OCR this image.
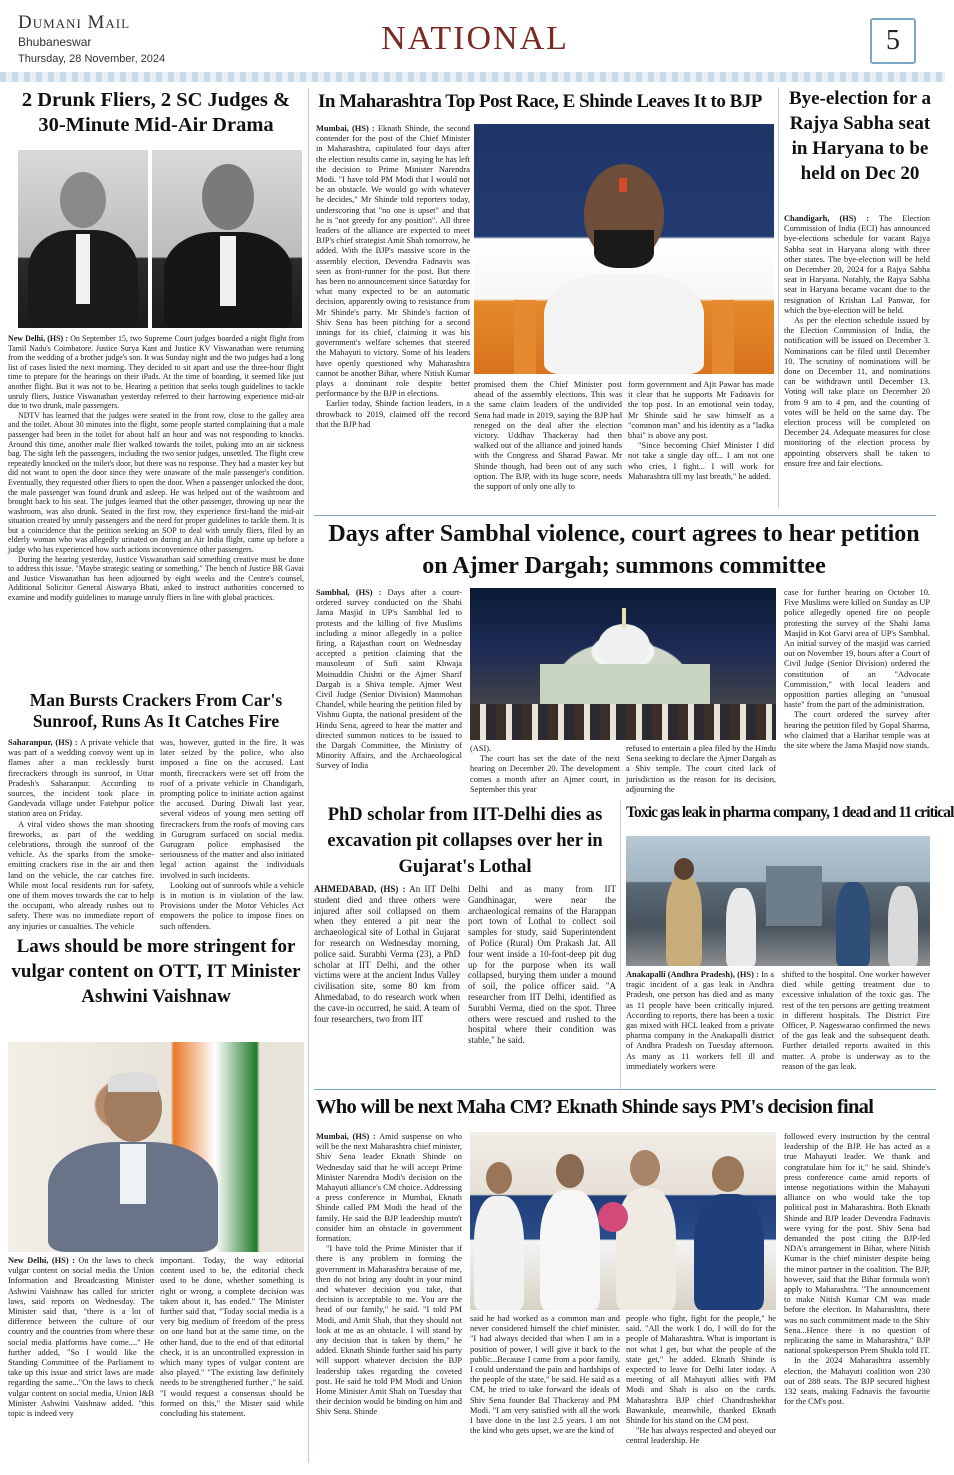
Dumani Mail
Bhubaneswar
Thursday, 28 November, 2024
NATIONAL	5
2 Drunk Fliers, 2 SC Judges & 30-Minute Mid-Air Drama

New Delhi, (HS) : On September 15, two Supreme Court judges boarded a night flight from Tamil Nadu's Coimbatore. Justice Surya Kant and Justice KV Viswanathan were returning from the wedding of a brother judge's son. It was Sunday night and the two judges had a long list of cases listed the next morning. They decided to sit apart and use the three-hour flight time to prepare for the hearings on their iPads. At the time of boarding, it seemed like just another flight. But it was not to be. Hearing a petition that seeks tough guidelines to tackle unruly fliers, Justice Viswanathan yesterday referred to their harrowing experience mid-air due to two drunk, male passengers.

NDTV has learned that the judges were seated in the front row, close to the galley area and the toilet. About 30 minutes into the flight, some people started complaining that a male passenger had been in the toilet for about half an hour and was not responding to knocks. Around this time, another male flier walked towards the toilet, puking into an air sickness bag. The sight left the passengers, including the two senior judges, unsettled. The flight crew repeatedly knocked on the toilet's door, but there was no response. They had a master key but did not want to open the door since they were unaware of the male passenger's condition. Eventually, they requested other fliers to open the door. When a passenger unlocked the door, the male passenger was found drunk and asleep. He was helped out of the washroom and brought back to his seat. The judges learned that the other passenger, throwing up near the washroom, was also drunk. Seated in the first row, they experience first-hand the mid-air situation created by unruly passengers and the need for proper guidelines to tackle them. It is but a coincidence that the petition seeking an SOP to deal with unruly fliers, filed by an elderly woman who was allegedly urinated on during an Air India flight, came up before a judge who has experienced how such actions inconvenience other passengers.

During the hearing yesterday, Justice Viswanathan said something creative must be done to address this issue. "Maybe strategic seating or something." The bench of Justice BR Gavai and Justice Viswanathan has been adjourned by eight weeks and the Centre's counsel, Additional Solicitor General Aiswarya Bhati, asked to instruct authorities concerned to examine and modify guidelines to manage unruly fliers in line with global practices.

Man Bursts Crackers From Car's Sunroof, Runs As It Catches Fire

Saharanpur, (HS) : A private vehicle that was part of a wedding convoy went up in flames after a man recklessly burst firecrackers through its sunroof, in Uttar Pradesh's Saharanpur. According to sources, the incident took place in Gandevada village under Fatehpur police station area on Friday.

A viral video shows the man shooting fireworks, as part of the wedding celebrations, through the sunroof of the vehicle. As the sparks from the smoke-emitting crackers rise in the air and then land on the vehicle, the car catches fire. While most local residents run for safety, one of them moves towards the car to help the occupant, who already rushes out to safety. There was no immediate report of any injuries or casualties. The vehicle

was, however, gutted in the fire. It was later seized by the police, who also imposed a fine on the accused. Last month, firecrackers were set off from the roof of a private vehicle in Chandigarh, prompting police to initiate action against the accused. During Diwali last year, several videos of young men setting off firecrackers from the roofs of moving cars in Gurugram surfaced on social media. Gurugram police emphasised the seriousness of the matter and also initiated legal action against the individuals involved in such incidents.

Looking out of sunroofs while a vehicle is in motion is in violation of the law. Provisions under the Motor Vehicles Act empowers the police to impose fines on such offenders.

Laws should be more stringent for vulgar content on OTT, IT Minister Ashwini Vaishnaw

New Delhi, (HS) : On the laws to check vulgar content on social media the Union Information and Broadcasting Minister Ashwini Vaishnaw has called for stricter laws, said reports on Wednesday. The Minister said that, "there is a lot of difference between the culture of our country and the countries from where these social media platforms have come...." He further added, "So I would like the Standing Committee of the Parliament to take up this issue and strict laws are made regarding the same..."On the laws to check vulgar content on social media, Union I&B Minister Ashwini Vaishnaw added. "this topic is indeed very

important. Today, the way editorial content used to be, the editorial check used to be done, whether something is right or wrong, a complete decision was taken about it, has ended." The Minister further said that, "Today social media is a very big medium of freedom of the press on one hand but at the same time, on the other hand, due to the end of that editorial check, it is an uncontrolled expression in which many types of vulgar content are also played." "The existing law definitely needs to be strengthened further ," he said. "I would request a consensus should be formed on this," the Mister said while concluding his statement.

In Maharashtra Top Post Race, E Shinde Leaves It to BJP

Mumbai, (HS) : Eknath Shinde, the second contender for the post of the Chief Minister in Maharashtra, capitulated four days after the election results came in, saying he has left the decision to Prime Minister Narendra Modi. "I have told PM Modi that I would not be an obstacle. We would go with whatever he decides," Mr Shinde told reporters today, underscoring that "no one is upset" and that he is "not greedy for any position". All three leaders of the alliance are expected to meet BJP's chief strategist Amit Shah tomorrow, he added. With the BJP's massive score in the assembly election, Devendra Fadnavis was seen as front-runner for the post. But there has been no announcement since Saturday for what many expected to be an automatic decision, apparently owing to resistance from Mr Shinde's party. Mr Shinde's faction of Shiv Sena has been pitching for a second innings for its chief, claiming it was his government's welfare schemes that steered the Mahayuti to victory. Some of his leaders have openly questioned why Maharashtra cannot be another Bihar, where Nitish Kumar plays a dominant role despite better performance by the BJP in elections.

Earlier today, Shinde faction leaders, in a throwback to 2019, claimed off the record that the BJP had

promised them the Chief Minister post ahead of the assembly elections. This was the same claim leaders of the undivided Sena had made in 2019, saying the BJP had reneged on the deal after the election victory. Uddhav Thackeray had then walked out of the alliance and joined hands with the Congress and Sharad Pawar. Mr Shinde though, had been out of any such option. The BJP, with its huge score, needs the support of only one ally to

form government and Ajit Pawar has made it clear that he supports Mr Fadnavis for the top post. In an emotional vein today, Mr Shinde said he saw himself as a "common man" and his identity as a "ladka bhai" is above any post.

"Since becoming Chief Minister I did not take a single day off... I am not one who cries, I fight... I will work for Maharashtra till my last breath," he added.

Bye-election for a Rajya Sabha seat in Haryana to be held on Dec 20

Chandigarh, (HS) : The Election Commission of India (ECI) has announced bye-elections schedule for vacant Rajya Sabha seat in Haryana along with three other states. The bye-election will be held on December 20, 2024 for a Rajya Sabha seat in Haryana. Notably, the Rajya Sabha seat in Haryana became vacant due to the resignation of Krishan Lal Panwar, for which the bye-election will be held.

As per the election schedule issued by the Election Commission of India, the notification will be issued on December 3. Nominations can be filed until December 10. The scrutiny of nominations will be done on December 11, and nominations can be withdrawn until December 13. Voting will take place on December 20 from 9 am to 4 pm, and the counting of votes will be held on the same day. The election process will be completed on December 24. Adequate measures for close monitoring of the election process by appointing observers shall be taken to ensure free and fair elections.

Days after Sambhal violence, court agrees to hear petition on Ajmer Dargah; summons committee

Sambhal, (HS) : Days after a court-ordered survey conducted on the Shahi Jama Masjid in UP's Sambhal led to protests and the killing of five Muslims including a minor allegedly in a police firing, a Rajasthan court on Wednesday accepted a petition claiming that the mausoleum of Sufi saint Khwaja Moinuddin Chishti or the Ajmer Sharif Dargah is a Shiva temple. Ajmer West Civil Judge (Senior Division) Manmohan Chandel, while hearing the petition filed by Vishnu Gupta, the national president of the Hindu Sena, agreed to hear the matter and directed summon notices to be issued to the Dargah Committee, the Ministry of Minority Affairs, and the Archaeological Survey of India

(ASI).

The court has set the date of the next hearing on December 20. The development comes a month after an Ajmer court, in September this year

refused to entertain a plea filed by the Hindu Sena seeking to declare the Ajmer Dargah as a Shiv temple. The court cited lack of jurisdiction as the reason for its decision, adjourning the

case for further hearing on October 10. Five Muslims were killed on Sunday as UP police allegedly opened fire on people protesting the survey of the Shahi Jama Masjid in Kot Garvi area of UP's Sambhal. An initial survey of the masjid was carried out on November 19, hours after a Court of Civil Judge (Senior Division) ordered the constitution of an "Advocate Commission," with local leaders and opposition parties alleging an "unusual haste" from the part of the administration.

The court ordered the survey after hearing the petition filed by Gopal Sharma, who claimed that a Harihar temple was at the site where the Jama Masjid now stands.

PhD scholar from IIT-Delhi dies as excavation pit collapses over her in Gujarat's Lothal

AHMEDABAD, (HS) : An IIT Delhi student died and three others were injured after soil collapsed on them when they entered a pit near the archaeological site of Lothal in Gujarat for research on Wednesday morning, police said. Surabhi Verma (23), a PhD scholar at IIT Delhi, and the other victims were at the ancient Indus Valley civilisation site, some 80 km from Ahmedabad, to do research work when the cave-in occurred, he said. A team of four researchers, two from IIT

Delhi and as many from IIT Gandhinagar, were near the archaeological remains of the Harappan port town of Lothal to collect soil samples for study, said Superintendent of Police (Rural) Om Prakash Jat. All four went inside a 10-foot-deep pit dug up for the purpose when its wall collapsed, burying them under a mound of soil, the police officer said. "A researcher from IIT Delhi, identified as Surabhi Verma, died on the spot. Three others were rescued and rushed to the hospital where their condition was stable," he said.

Toxic gas leak in pharma company, 1 dead and 11 critical

Anakapalli (Andhra Pradesh), (HS) : In a tragic incident of a gas leak in Andhra Pradesh, one person has died and as many as 11 people have been critically injured. According to reports, there has been a toxic gas mixed with HCL leaked from a private pharma company in the Anakapalli district of Andhra Pradesh on Tuesday afternoon. As many as 11 workers fell ill and immediately workers were

shifted to the hospital. One worker however died while getting treatment due to excessive inhalation of the toxic gas. The rest of the ten persons are getting treatment in different hospitals. The District Fire Officer, P. Nageswarao confirmed the news of the gas leak and the subsequent death. Further detailed reports awaited in this matter. A probe is underway as to the reason of the gas leak.

Who will be next Maha CM? Eknath Shinde says PM's decision final

Mumbai, (HS) : Amid suspense on who will be the next Maharashtra chief minister, Shiv Sena leader Eknath Shinde on Wednesday said that he will accept Prime Minister Narendra Modi's decision on the Mahayuti alliance's CM choice. Addressing a press conference in Mumbai, Eknath Shinde called PM Modi the head of the family. He said the BJP leadership mustn't consider him an obstacle in government formation.

"I have told the Prime Minister that if there is any problem in forming the government in Maharashtra because of me, then do not bring any doubt in your mind and whatever decision you take, that decision is acceptable to me. You are the head of our family," he said. "I told PM Modi, and Amit Shah, that they should not look at me as an obstacle. I will stand by any decision that is taken by them," he added. Eknath Shinde further said his party will support whatever decision the BJP leadership takes regarding the coveted post. He said he told PM Modi and Union Home Minister Amit Shah on Tuesday that their decision would be binding on him and Shiv Sena. Shinde

said he had worked as a common man and never considered himself the chief minister. "I had always decided that when I am in a position of power, I will give it back to the public...Because I came from a poor family, I could understand the pain and hardships of the people of the state," he said. He said as a CM, he tried to take forward the ideals of Shiv Sena founder Bal Thackeray and PM Modi. "I am very satisfied with all the work I have done in the last 2.5 years. I am not the kind who gets upset, we are the kind of

people who fight, fight for the people," he said. "All the work I do, I will do for the people of Maharashtra. What is important is not what I get, but what the people of the state get," he added. Eknath Shinde is expected to leave for Delhi later today. A meeting of all Mahayuti allies with PM Modi and Shah is also on the cards. Maharashtra BJP chief Chandrashekhar Bawankule, meanwhile, thanked Eknath Shinde for his stand on the CM post.

"He has always respected and obeyed our central leadership. He

followed every instruction by the central leadership of the BJP. He has acted as a true Mahayuti leader. We thank and congratulate him for it," he said. Shinde's press conference came amid reports of intense negotiations within the Mahayuti alliance on who would take the top political post in Maharashtra. Both Eknath Shinde and BJP leader Devendra Fadnavis were vying for the post. Shiv Sena had demanded the post citing the BJP-led NDA's arrangement in Bihar, where Nitish Kumar is the chief minister despite being the minor partner in the coalition. The BJP, however, said that the Bihar formula won't apply to Maharashtra. "The announcement to make Nitish Kumar CM was made before the election. In Maharashtra, there was no such commitment made to the Shiv Sena...Hence there is no question of replicating the same in Maharashtra," BJP national spokesperson Prem Shukla told IT.

In the 2024 Maharashtra assembly election, the Mahayuti coalition won 230 out of 288 seats. The BJP secured highest 132 seats, making Fadnavis the favourite for the CM's post.
